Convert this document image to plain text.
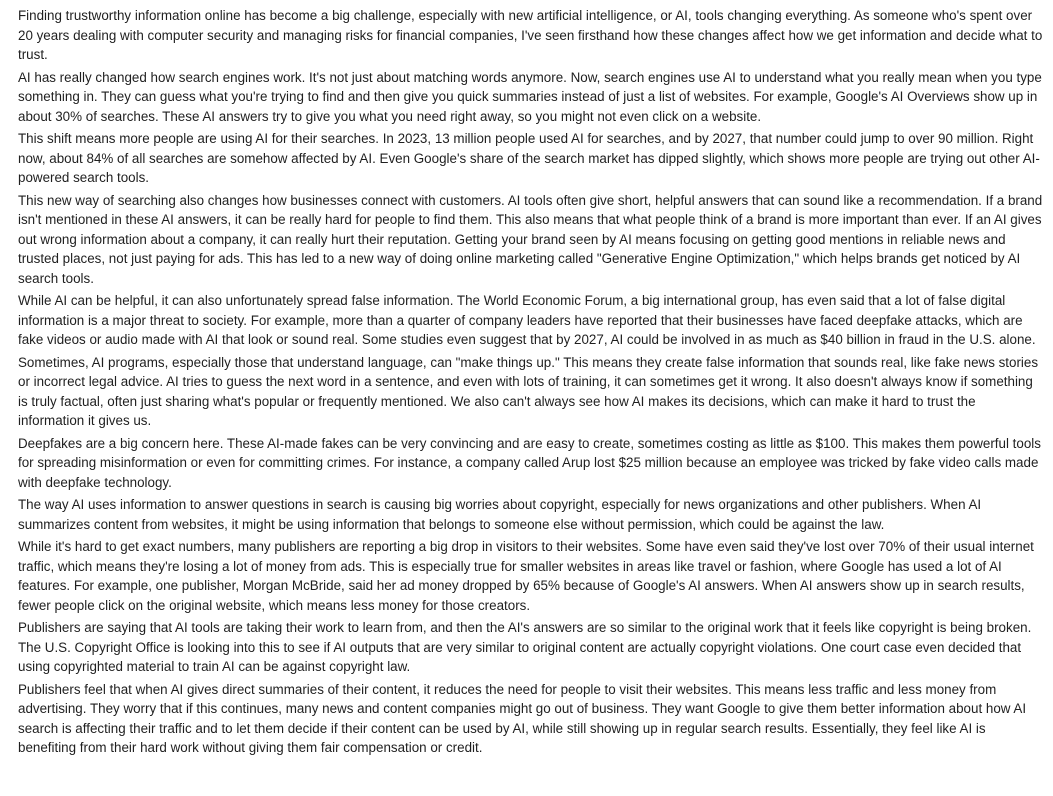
Finding trustworthy information online has become a big challenge, especially with new artificial intelligence, or AI, tools changing everything. As someone who's spent over 20 years dealing with computer security and managing risks for financial companies, I've seen firsthand how these changes affect how we get information and decide what to trust.

AI has really changed how search engines work. It's not just about matching words anymore. Now, search engines use AI to understand what you really mean when you type something in. They can guess what you're trying to find and then give you quick summaries instead of just a list of websites. For example, Google's AI Overviews show up in about 30% of searches. These AI answers try to give you what you need right away, so you might not even click on a website.

This shift means more people are using AI for their searches. In 2023, 13 million people used AI for searches, and by 2027, that number could jump to over 90 million. Right now, about 84% of all searches are somehow affected by AI. Even Google's share of the search market has dipped slightly, which shows more people are trying out other AI-powered search tools.

This new way of searching also changes how businesses connect with customers. AI tools often give short, helpful answers that can sound like a recommendation. If a brand isn't mentioned in these AI answers, it can be really hard for people to find them. This also means that what people think of a brand is more important than ever. If an AI gives out wrong information about a company, it can really hurt their reputation. Getting your brand seen by AI means focusing on getting good mentions in reliable news and trusted places, not just paying for ads. This has led to a new way of doing online marketing called "Generative Engine Optimization," which helps brands get noticed by AI search tools.

While AI can be helpful, it can also unfortunately spread false information. The World Economic Forum, a big international group, has even said that a lot of false digital information is a major threat to society. For example, more than a quarter of company leaders have reported that their businesses have faced deepfake attacks, which are fake videos or audio made with AI that look or sound real. Some studies even suggest that by 2027, AI could be involved in as much as $40 billion in fraud in the U.S. alone.

Sometimes, AI programs, especially those that understand language, can "make things up." This means they create false information that sounds real, like fake news stories or incorrect legal advice. AI tries to guess the next word in a sentence, and even with lots of training, it can sometimes get it wrong. It also doesn't always know if something is truly factual, often just sharing what's popular or frequently mentioned. We also can't always see how AI makes its decisions, which can make it hard to trust the information it gives us.

Deepfakes are a big concern here. These AI-made fakes can be very convincing and are easy to create, sometimes costing as little as $100. This makes them powerful tools for spreading misinformation or even for committing crimes. For instance, a company called Arup lost $25 million because an employee was tricked by fake video calls made with deepfake technology.

The way AI uses information to answer questions in search is causing big worries about copyright, especially for news organizations and other publishers. When AI summarizes content from websites, it might be using information that belongs to someone else without permission, which could be against the law.

While it's hard to get exact numbers, many publishers are reporting a big drop in visitors to their websites. Some have even said they've lost over 70% of their usual internet traffic, which means they're losing a lot of money from ads. This is especially true for smaller websites in areas like travel or fashion, where Google has used a lot of AI features. For example, one publisher, Morgan McBride, said her ad money dropped by 65% because of Google's AI answers. When AI answers show up in search results, fewer people click on the original website, which means less money for those creators.

Publishers are saying that AI tools are taking their work to learn from, and then the AI's answers are so similar to the original work that it feels like copyright is being broken. The U.S. Copyright Office is looking into this to see if AI outputs that are very similar to original content are actually copyright violations. One court case even decided that using copyrighted material to train AI can be against copyright law.

Publishers feel that when AI gives direct summaries of their content, it reduces the need for people to visit their websites. This means less traffic and less money from advertising. They worry that if this continues, many news and content companies might go out of business. They want Google to give them better information about how AI search is affecting their traffic and to let them decide if their content can be used by AI, while still showing up in regular search results. Essentially, they feel like AI is benefiting from their hard work without giving them fair compensation or credit.
